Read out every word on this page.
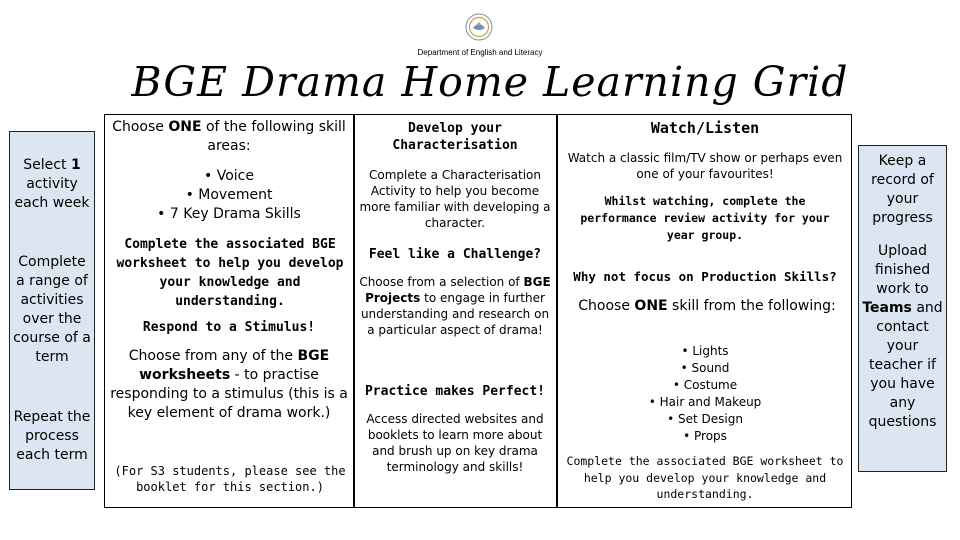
Department of English and Literacy
BGE Drama Home Learning Grid
Select 1 activity each week
Complete a range of activities over the course of a term
Repeat the process each term
Choose ONE of the following skill areas:
• Voice
• Movement
• 7 Key Drama Skills
Complete the associated BGE worksheet to help you develop your knowledge and understanding.
Respond to a Stimulus!
Choose from any of the BGE worksheets - to practise responding to a stimulus (this is a key element of drama work.)
(For S3 students, please see the booklet for this section.)
Develop your Characterisation
Complete a Characterisation Activity to help you become more familiar with developing a character.
Feel like a Challenge?
Choose from a selection of BGE Projects to engage in further understanding and research on a particular aspect of drama!
Practice makes Perfect!
Access directed websites and booklets to learn more about and brush up on key drama terminology and skills!
Watch/Listen
Watch a classic film/TV show or perhaps even one of your favourites!
Whilst watching, complete the performance review activity for your year group.
Why not focus on Production Skills?
Choose ONE skill from the following:
• Lights
• Sound
• Costume
• Hair and Makeup
• Set Design
• Props
Complete the associated BGE worksheet to help you develop your knowledge and understanding.
Keep a record of your progress
Upload finished work to Teams and contact your teacher if you have any questions
